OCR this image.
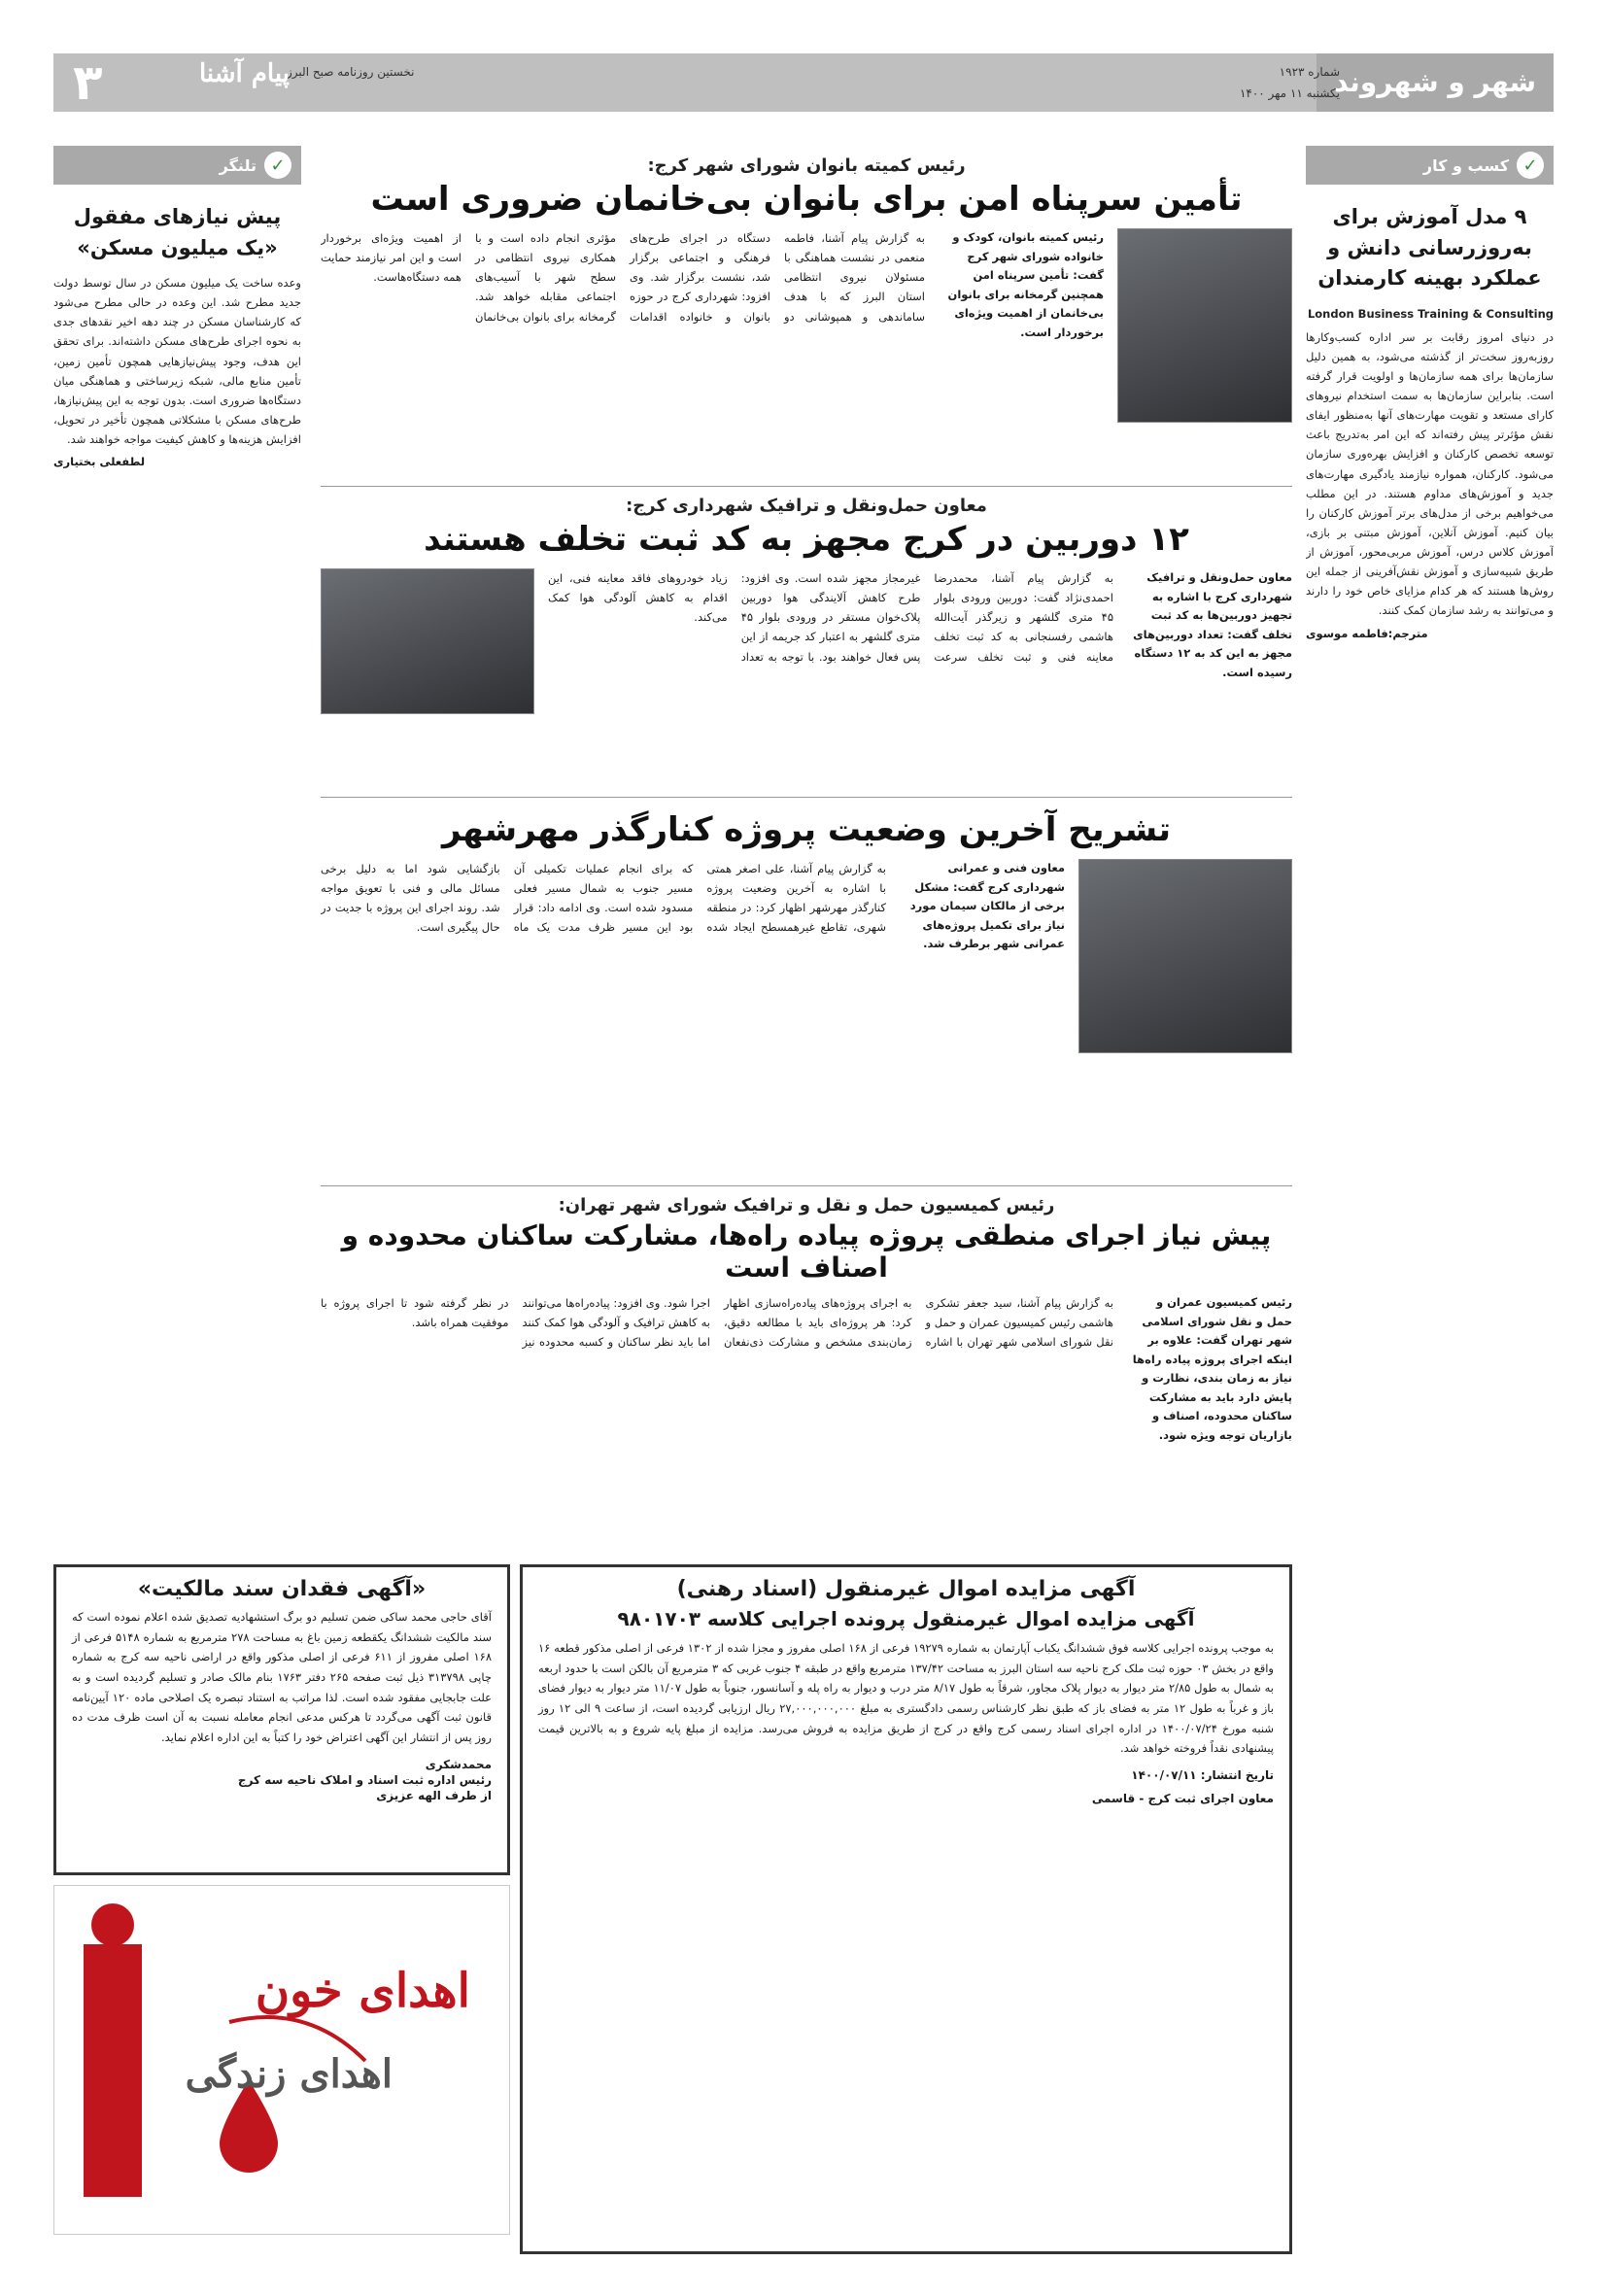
شهر و شهروند
شماره ۱۹۲۳
یکشنبه ۱۱ مهر ۱۴۰۰
نخستین روزنامه صبح البرز
پیام آشنا
۳
✓
کسب و کار
۹ مدل آموزش برای به‌روزرسانی دانش و عملکرد بهینه کارمندان
London Business Training & Consulting
در دنیای امروز رقابت بر سر اداره کسب‌وکارها روزبه‌روز سخت‌تر از گذشته می‌شود، به همین دلیل سازمان‌ها برای همه سازمان‌ها و اولویت قرار گرفته است. بنابراین سازمان‌ها به سمت استخدام نیروهای کارای مستعد و تقویت مهارت‌های آنها به‌منظور ایفای نقش مؤثرتر پیش رفته‌اند که این امر به‌تدریج باعث توسعه تخصص کارکنان و افزایش بهره‌وری سازمان می‌شود. کارکنان، همواره نیازمند یادگیری مهارت‌های جدید و آموزش‌های مداوم هستند. در این مطلب می‌خواهیم برخی از مدل‌های برتر آموزش کارکنان را بیان کنیم. آموزش آنلاین، آموزش مبتنی بر بازی، آموزش کلاس درس، آموزش مربی‌محور، آموزش از طریق شبیه‌سازی و آموزش نقش‌آفرینی از جمله این روش‌ها هستند که هر کدام مزایای خاص خود را دارند و می‌توانند به رشد سازمان کمک کنند.
مترجم:فاطمه موسوی
✓
تلنگر
پیش نیازهای مفقول «یک میلیون مسکن»
وعده ساخت یک میلیون مسکن در سال توسط دولت جدید مطرح شد. این وعده در حالی مطرح می‌شود که کارشناسان مسکن در چند دهه اخیر نقدهای جدی به نحوه اجرای طرح‌های مسکن داشته‌اند. برای تحقق این هدف، وجود پیش‌نیازهایی همچون تأمین زمین، تأمین منابع مالی، شبکه زیرساختی و هماهنگی میان دستگاه‌ها ضروری است. بدون توجه به این پیش‌نیازها، طرح‌های مسکن با مشکلاتی همچون تأخیر در تحویل، افزایش هزینه‌ها و کاهش کیفیت مواجه خواهند شد.
لطفعلی بختیاری
رئیس کمیته بانوان شورای شهر کرج:
تأمین سرپناه امن برای بانوان بی‌خانمان ضروری است
رئیس کمیته بانوان، کودک و خانواده شورای شهر کرج گفت: تأمین سرپناه امن همچنین گرمخانه برای بانوان بی‌خانمان از اهمیت ویژه‌ای برخوردار است.
به گزارش پیام آشنا، فاطمه منعمی در نشست هماهنگی با مسئولان نیروی انتظامی استان البرز که با هدف ساماندهی و همپوشانی دو دستگاه در اجرای طرح‌های فرهنگی و اجتماعی برگزار شد، نشست برگزار شد. وی افزود: شهرداری کرج در حوزه بانوان و خانواده اقدامات مؤثری انجام داده است و با همکاری نیروی انتظامی در سطح شهر با آسیب‌های اجتماعی مقابله خواهد شد. گرمخانه برای بانوان بی‌خانمان از اهمیت ویژه‌ای برخوردار است و این امر نیازمند حمایت همه دستگاه‌هاست.
معاون حمل‌ونقل و ترافیک شهرداری کرج:
۱۲ دوربین در کرج مجهز به کد ثبت تخلف هستند
معاون حمل‌ونقل و ترافیک شهرداری کرج با اشاره به تجهیز دوربین‌ها به کد ثبت تخلف گفت: تعداد دوربین‌های مجهز به این کد به ۱۲ دستگاه رسیده است.
به گزارش پیام آشنا، محمدرضا احمدی‌نژاد گفت: دوربین ورودی بلوار ۴۵ متری گلشهر و زیرگذر آیت‌الله هاشمی رفسنجانی به کد ثبت تخلف معاینه فنی و ثبت تخلف سرعت غیرمجاز مجهز شده است. وی افزود: طرح کاهش آلایندگی هوا دوربین پلاک‌خوان مستقر در ورودی بلوار ۴۵ متری گلشهر به اعتبار کد جریمه از این پس فعال خواهند بود. با توجه به تعداد زیاد خودروهای فاقد معاینه فنی، این اقدام به کاهش آلودگی هوا کمک می‌کند.
تشریح آخرین وضعیت پروژه کنارگذر مهرشهر
معاون فنی و عمرانی شهرداری کرج گفت: مشکل برخی از مالکان سیمان مورد نیاز برای تکمیل پروژه‌های عمرانی شهر برطرف شد.
به گزارش پیام آشنا، علی اصغر همتی با اشاره به آخرین وضعیت پروژه کنارگذر مهرشهر اظهار کرد: در منطقه شهری، تقاطع غیرهمسطح ایجاد شده که برای انجام عملیات تکمیلی آن مسیر جنوب به شمال مسیر فعلی مسدود شده است. وی ادامه داد: قرار بود این مسیر ظرف مدت یک ماه بازگشایی شود اما به دلیل برخی مسائل مالی و فنی با تعویق مواجه شد. روند اجرای این پروژه با جدیت در حال پیگیری است.
رئیس کمیسیون حمل و نقل و ترافیک شورای شهر تهران:
پیش نیاز اجرای منطقی پروژه پیاده راه‌ها، مشارکت ساکنان محدوده و اصناف است
رئیس کمیسیون عمران و حمل و نقل شورای اسلامی شهر تهران گفت: علاوه بر اینکه اجرای پروژه پیاده راه‌ها نیاز به زمان بندی، نظارت و پایش دارد باید به مشارکت ساکنان محدوده، اصناف و بازاریان توجه ویژه شود.
به گزارش پیام آشنا، سید جعفر تشکری هاشمی رئیس کمیسیون عمران و حمل و نقل شورای اسلامی شهر تهران با اشاره به اجرای پروژه‌های پیاده‌راه‌سازی اظهار کرد: هر پروژه‌ای باید با مطالعه دقیق، زمان‌بندی مشخص و مشارکت ذی‌نفعان اجرا شود. وی افزود: پیاده‌راه‌ها می‌توانند به کاهش ترافیک و آلودگی هوا کمک کنند اما باید نظر ساکنان و کسبه محدوده نیز در نظر گرفته شود تا اجرای پروژه با موفقیت همراه باشد.
آگهی مزایده اموال غیرمنقول (اسناد رهنی)
آگهی مزایده اموال غیرمنقول پرونده اجرایی کلاسه ۹۸۰۱۷۰۳
به موجب پرونده اجرایی کلاسه فوق ششدانگ یکباب آپارتمان به شماره ۱۹۲۷۹ فرعی از ۱۶۸ اصلی مفروز و مجزا شده از ۱۳۰۲ فرعی از اصلی مذکور قطعه ۱۶ واقع در بخش ۰۳ حوزه ثبت ملک کرج ناحیه سه استان البرز به مساحت ۱۳۷/۴۲ مترمربع واقع در طبقه ۴ جنوب غربی که ۳ مترمربع آن بالکن است با حدود اربعه به شمال به طول ۲/۸۵ متر دیوار به دیوار پلاک مجاور، شرقاً به طول ۸/۱۷ متر درب و دیوار به راه پله و آسانسور، جنوباً به طول ۱۱/۰۷ متر دیوار به دیوار فضای باز و غرباً به طول ۱۲ متر به فضای باز که طبق نظر کارشناس رسمی دادگستری به مبلغ ۲۷,۰۰۰,۰۰۰,۰۰۰ ریال ارزیابی گردیده است، از ساعت ۹ الی ۱۲ روز شنبه مورخ ۱۴۰۰/۰۷/۲۴ در اداره اجرای اسناد رسمی کرج واقع در کرج از طریق مزایده به فروش می‌رسد. مزایده از مبلغ پایه شروع و به بالاترین قیمت پیشنهادی نقداً فروخته خواهد شد.
تاریخ انتشار: ۱۴۰۰/۰۷/۱۱
معاون اجرای ثبت کرج - قاسمی
«آگهی فقدان سند مالکیت»
آقای حاجی محمد ساکی ضمن تسلیم دو برگ استشهادیه تصدیق شده اعلام نموده است که سند مالکیت ششدانگ یکقطعه زمین باغ به مساحت ۲۷۸ مترمربع به شماره ۵۱۴۸ فرعی از ۱۶۸ اصلی مفروز از ۶۱۱ فرعی از اصلی مذکور واقع در اراضی ناحیه سه کرج به شماره چاپی ۳۱۳۷۹۸ ذیل ثبت صفحه ۲۶۵ دفتر ۱۷۶۳ بنام مالک صادر و تسلیم گردیده است و به علت جابجایی مفقود شده است. لذا مراتب به استناد تبصره یک اصلاحی ماده ۱۲۰ آیین‌نامه قانون ثبت آگهی می‌گردد تا هرکس مدعی انجام معامله نسبت به آن است ظرف مدت ده روز پس از انتشار این آگهی اعتراض خود را کتباً به این اداره اعلام نماید.
محمدشکری
رئیس اداره ثبت اسناد و املاک ناحیه سه کرج
از طرف الهه عزیزی
اهدای خون
اهدای زندگی
